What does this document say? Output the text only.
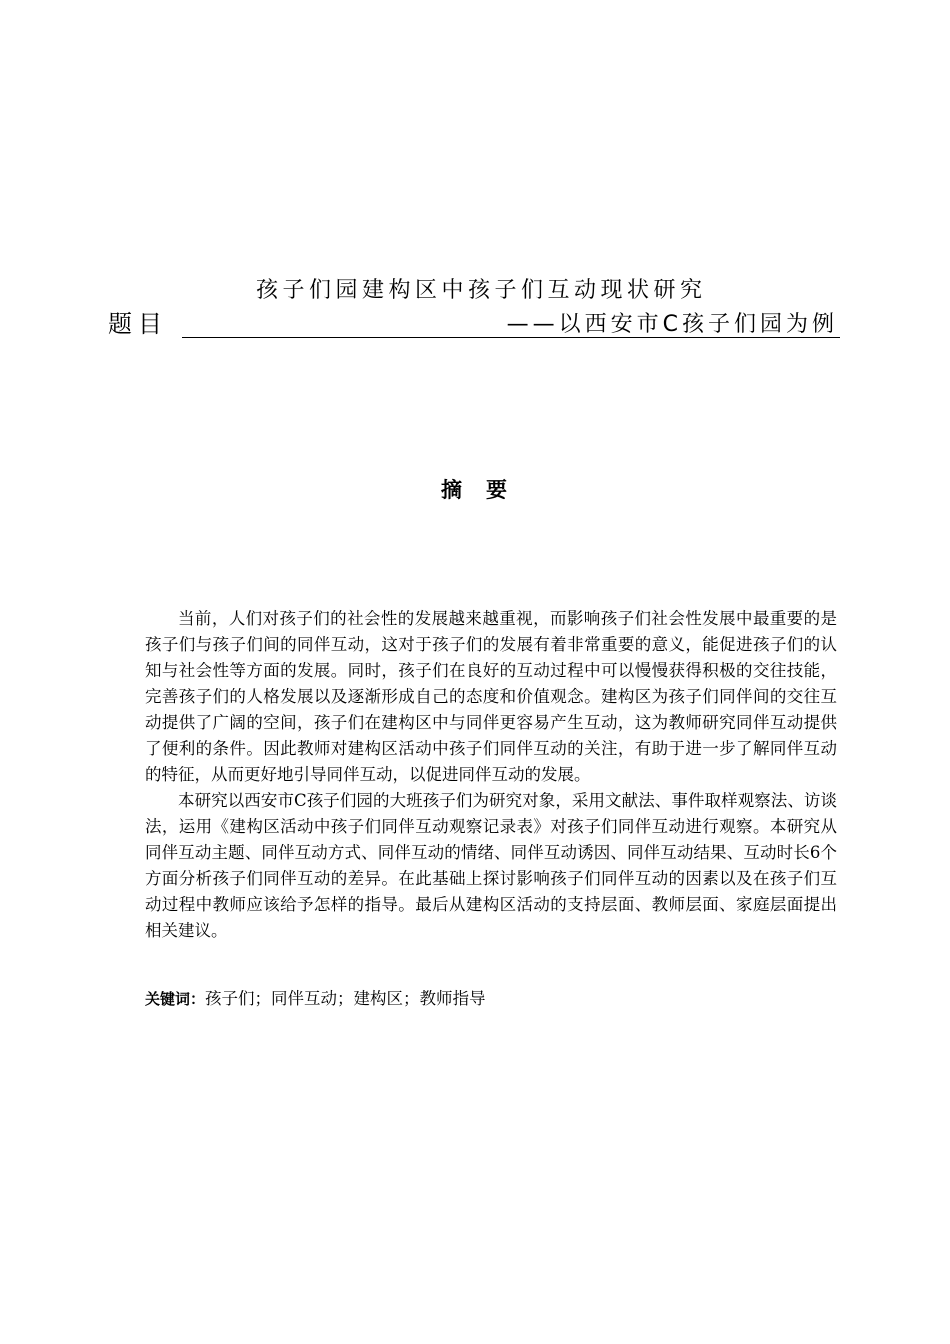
孩子们园建构区中孩子们互动现状研究
题目	——以西安市C孩子们园为例
摘 要

当前，人们对孩子们的社会性的发展越来越重视，而影响孩子们社会性发展中最重要的是孩子们与孩子们间的同伴互动，这对于孩子们的发展有着非常重要的意义，能促进孩子们的认知与社会性等方面的发展。同时，孩子们在良好的互动过程中可以慢慢获得积极的交往技能，完善孩子们的人格发展以及逐渐形成自己的态度和价值观念。建构区为孩子们同伴间的交往互动提供了广阔的空间，孩子们在建构区中与同伴更容易产生互动，这为教师研究同伴互动提供了便利的条件。因此教师对建构区活动中孩子们同伴互动的关注，有助于进一步了解同伴互动的特征，从而更好地引导同伴互动，以促进同伴互动的发展。

本研究以西安市C孩子们园的大班孩子们为研究对象，采用文献法、事件取样观察法、访谈法，运用《建构区活动中孩子们同伴互动观察记录表》对孩子们同伴互动进行观察。本研究从同伴互动主题、同伴互动方式、同伴互动的情绪、同伴互动诱因、同伴互动结果、互动时长6个方面分析孩子们同伴互动的差异。在此基础上探讨影响孩子们同伴互动的因素以及在孩子们互动过程中教师应该给予怎样的指导。最后从建构区活动的支持层面、教师层面、家庭层面提出相关建议。

关键词：孩子们；同伴互动；建构区；教师指导
